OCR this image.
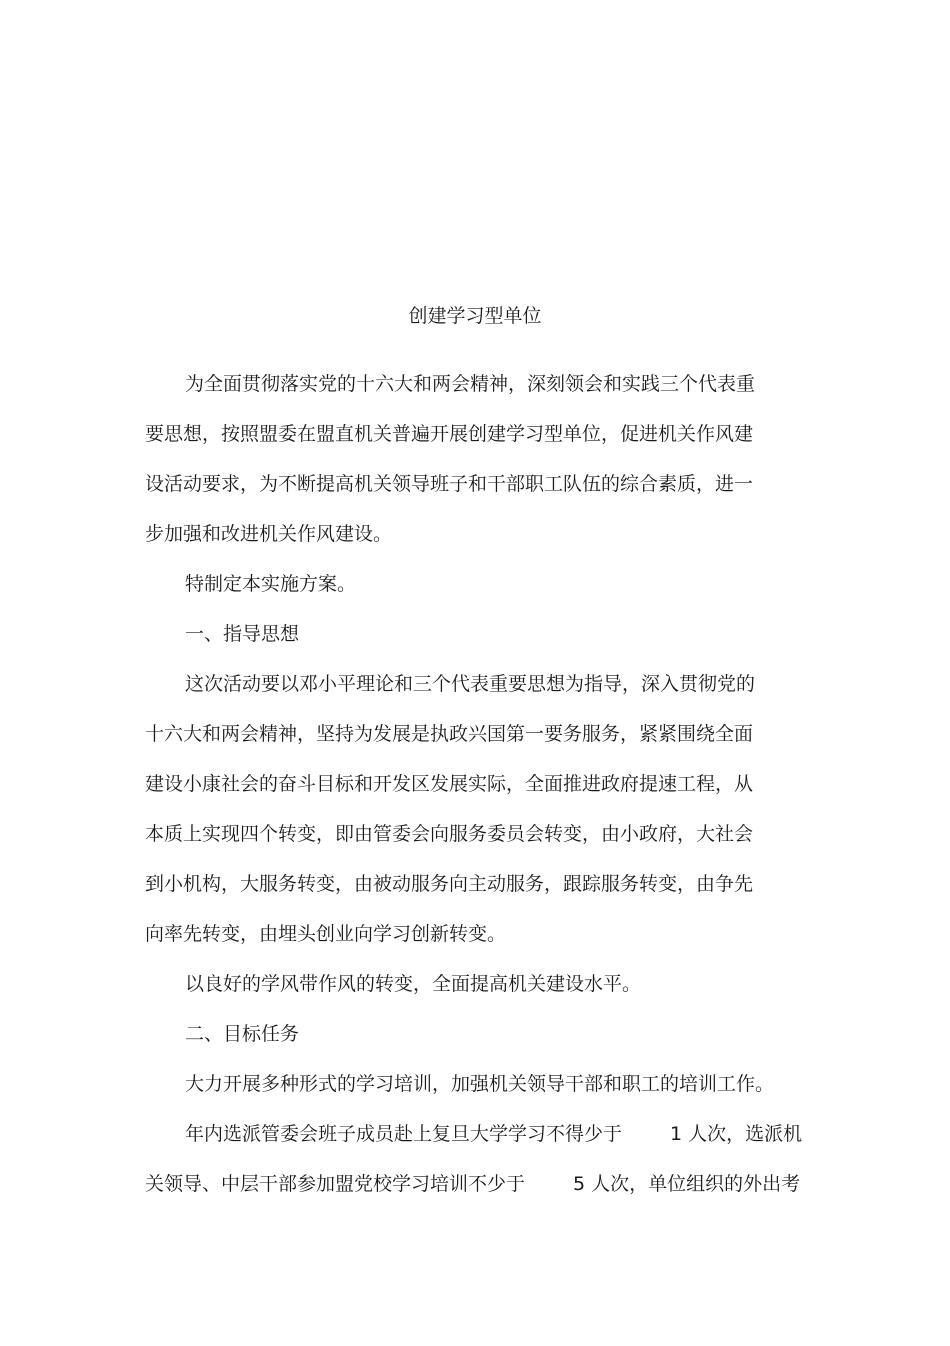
创建学习型单位
为全面贯彻落实党的十六大和两会精神，深刻领会和实践三个代表重
要思想，按照盟委在盟直机关普遍开展创建学习型单位，促进机关作风建
设活动要求，为不断提高机关领导班子和干部职工队伍的综合素质，进一
步加强和改进机关作风建设。
特制定本实施方案。
一、指导思想
这次活动要以邓小平理论和三个代表重要思想为指导，深入贯彻党的
十六大和两会精神，坚持为发展是执政兴国第一要务服务，紧紧围绕全面
建设小康社会的奋斗目标和开发区发展实际，全面推进政府提速工程，从
本质上实现四个转变，即由管委会向服务委员会转变，由小政府，大社会
到小机构，大服务转变，由被动服务向主动服务，跟踪服务转变，由争先
向率先转变，由埋头创业向学习创新转变。
以良好的学风带作风的转变，全面提高机关建设水平。
二、目标任务
大力开展多种形式的学习培训，加强机关领导干部和职工的培训工作。
年内选派管委会班子成员赴上复旦大学学习不得少于	1 人次，选派机
关领导、中层干部参加盟党校学习培训不少于	5 人次，单位组织的外出考
